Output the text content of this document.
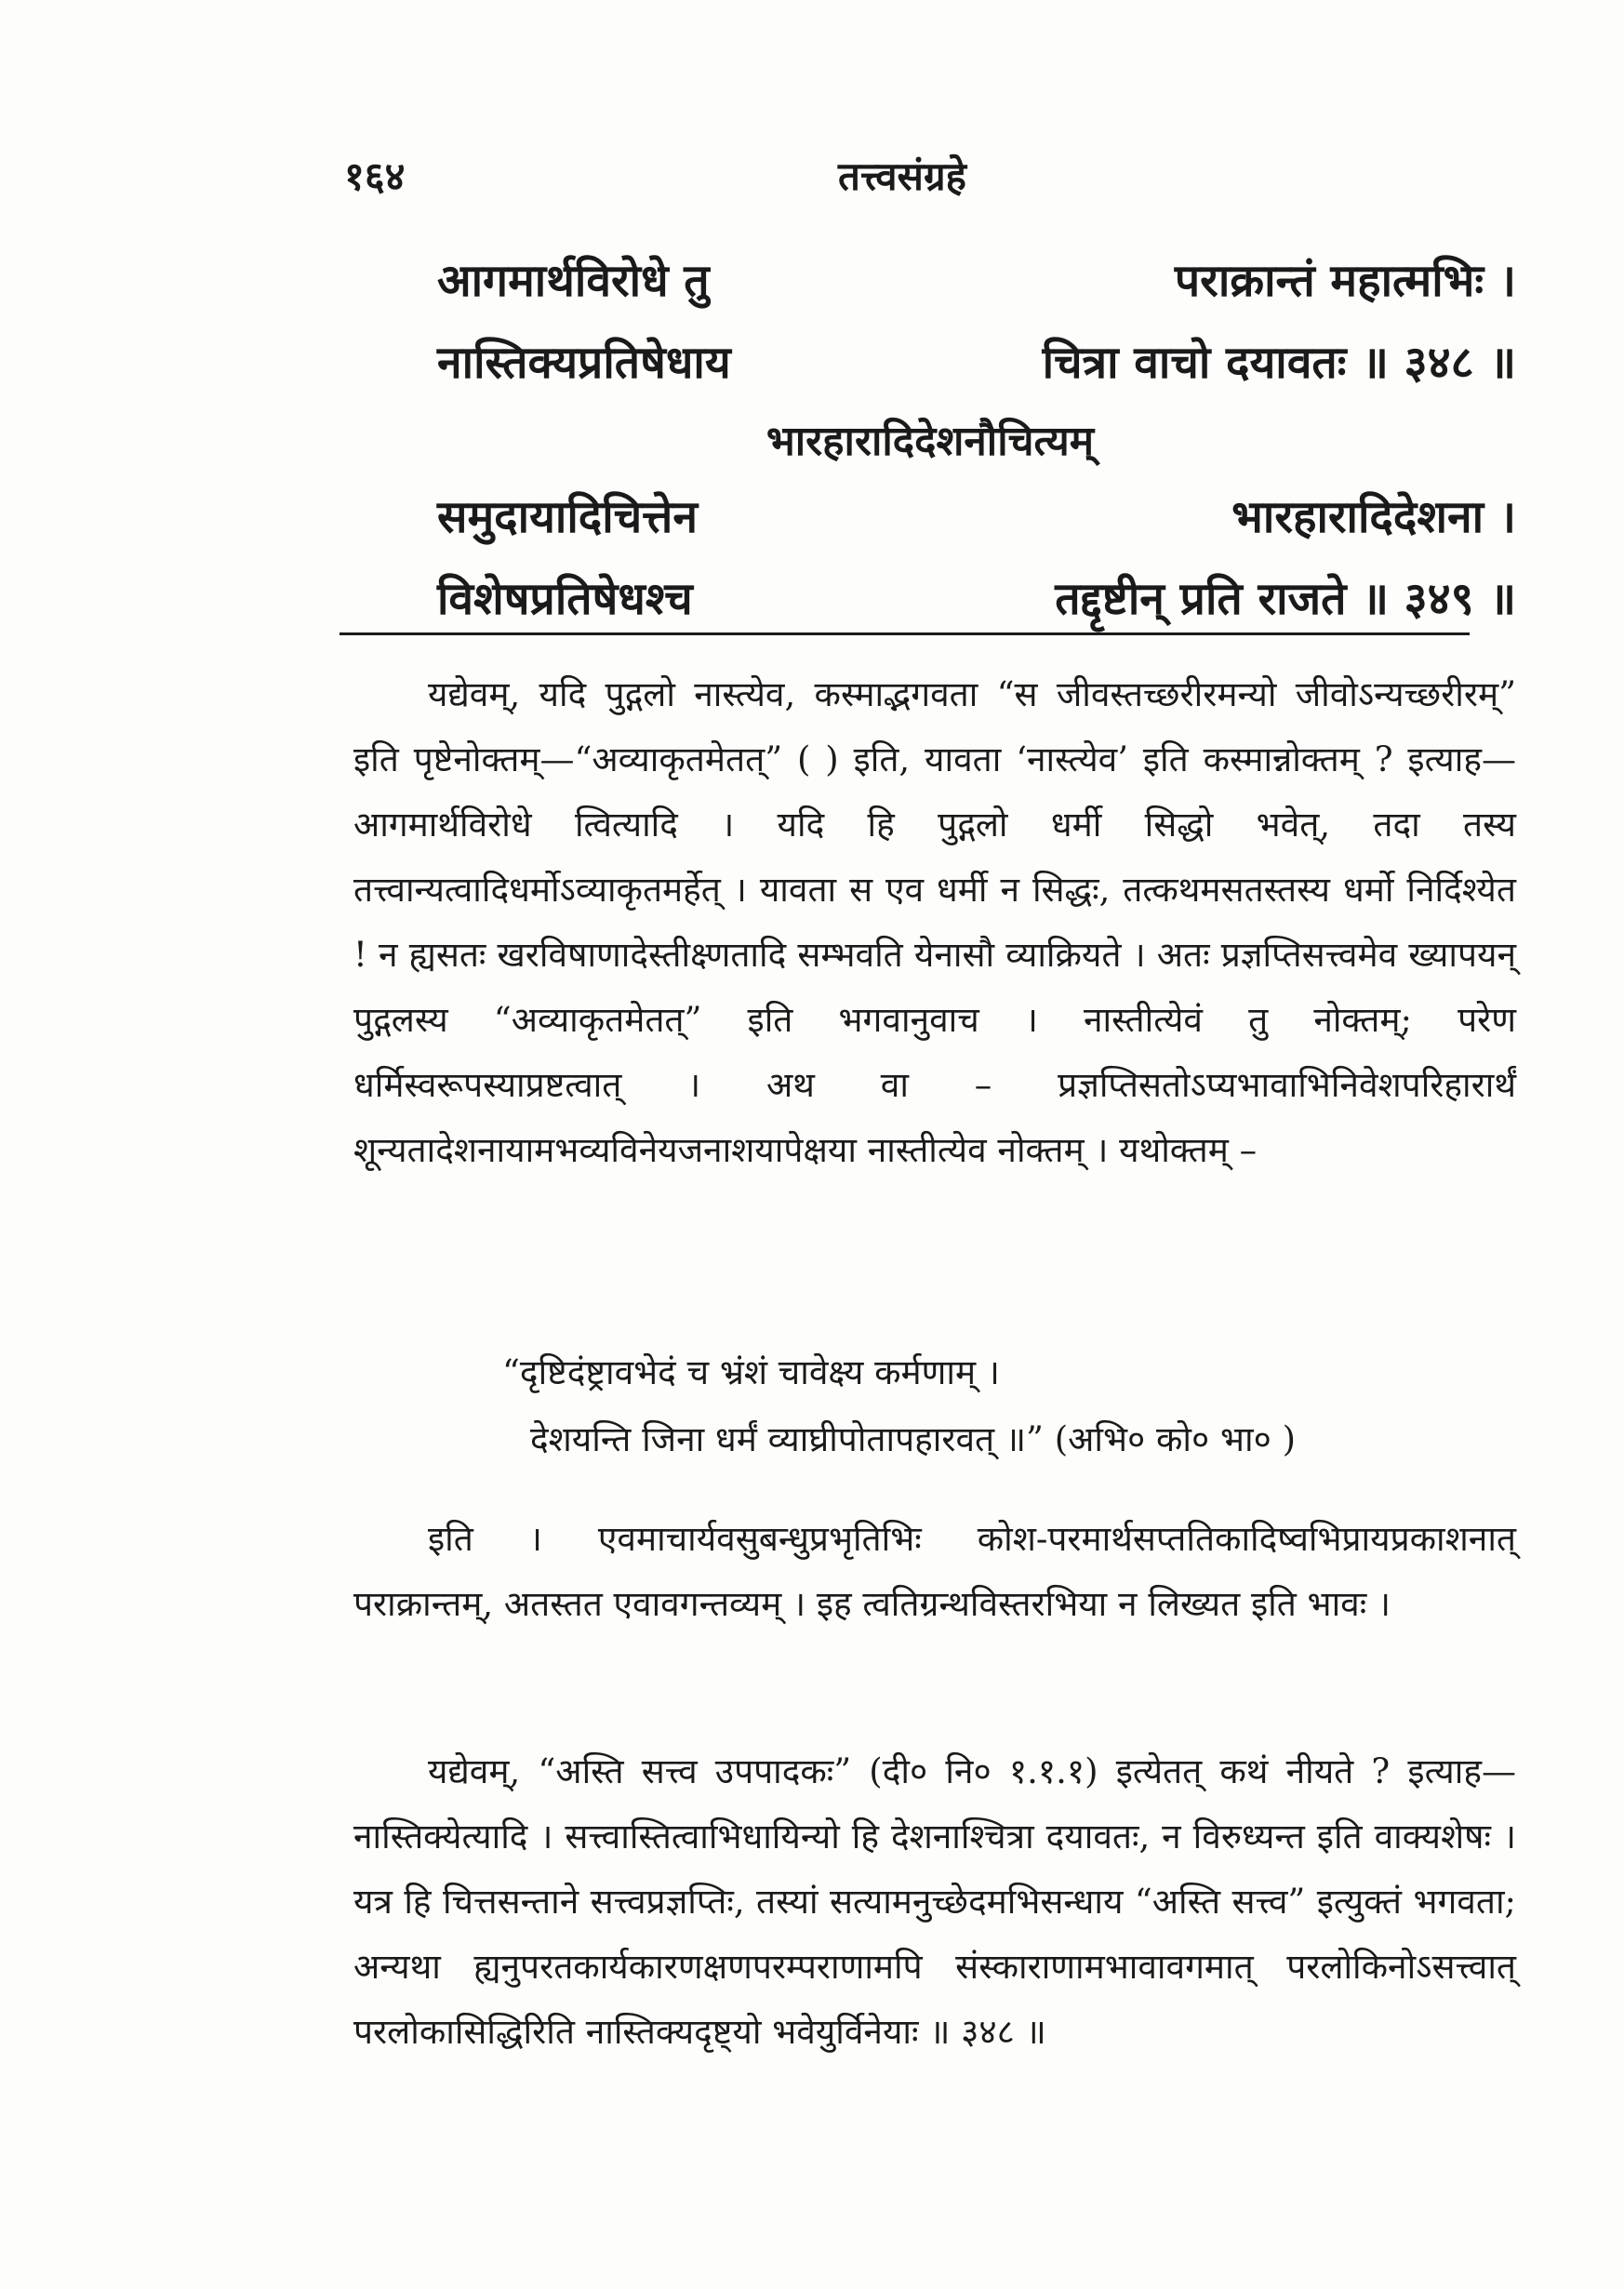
१६४	तत्त्वसंग्रहे
आगमार्थविरोधे तु	पराक्रान्तं महात्मभिः ।
नास्तिक्यप्रतिषेधाय	चित्रा वाचो दयावतः ॥ ३४८ ॥
भारहारादिदेशनौचित्यम्
समुदायादिचित्तेन	भारहारादिदेशना ।
विशेषप्रतिषेधश्च	तद्दृष्टीन् प्रति राजते ॥ ३४९ ॥

यद्येवम्, यदि पुद्गलो नास्त्येव, कस्माद्भगवता “स जीवस्तच्छरीरमन्यो जीवोऽन्यच्छरीरम्” इति पृष्टेनोक्तम्—“अव्याकृतमेतत्” ( ) इति, यावता ‘नास्त्येव’ इति कस्मान्नोक्तम् ? इत्याह—आगमार्थविरोधे त्वित्यादि । यदि हि पुद्गलो धर्मी सिद्धो भवेत्, तदा तस्य तत्त्वान्यत्वादिधर्मोऽव्याकृतमर्हेत् । यावता स एव धर्मी न सिद्धः, तत्कथमसतस्तस्य धर्मो निर्दिश्येत ! न ह्यसतः खरविषाणादेस्तीक्ष्णतादि सम्भवति येनासौ व्याक्रियते । अतः प्रज्ञप्तिसत्त्वमेव ख्यापयन् पुद्गलस्य “अव्याकृतमेतत्” इति भगवानुवाच । नास्तीत्येवं तु नोक्तम्; परेण धर्मिस्वरूपस्याप्रष्टत्वात् । अथ वा – प्रज्ञप्तिसतोऽप्यभावाभिनिवेशपरिहारार्थं शून्यतादेशनायामभव्यविनेयजनाशयापेक्षया नास्तीत्येव नोक्तम् । यथोक्तम् –

“दृष्टिदंष्ट्रावभेदं च भ्रंशं चावेक्ष्य कर्मणाम् ।
देशयन्ति जिना धर्मं व्याघ्रीपोतापहारवत् ॥” (अभि० को० भा० )

इति । एवमाचार्यवसुबन्धुप्रभृतिभिः कोश-परमार्थसप्ततिकादिष्वभिप्रायप्रकाशनात् पराक्रान्तम्, अतस्तत एवावगन्तव्यम् । इह त्वतिग्रन्थविस्तरभिया न लिख्यत इति भावः ।

यद्येवम्, “अस्ति सत्त्व उपपादकः” (दी० नि० १.१.१) इत्येतत् कथं नीयते ? इत्याह—नास्तिक्येत्यादि । सत्त्वास्तित्वाभिधायिन्यो हि देशनाश्चित्रा दयावतः, न विरुध्यन्त इति वाक्यशेषः । यत्र हि चित्तसन्ताने सत्त्वप्रज्ञप्तिः, तस्यां सत्यामनुच्छेदमभिसन्धाय “अस्ति सत्त्व” इत्युक्तं भगवता; अन्यथा ह्यनुपरतकार्यकारणक्षणपरम्पराणामपि संस्काराणामभावावगमात् परलोकिनोऽसत्त्वात् परलोकासिद्धिरिति नास्तिक्यदृष्ट्यो भवेयुर्विनेयाः ॥ ३४८ ॥
